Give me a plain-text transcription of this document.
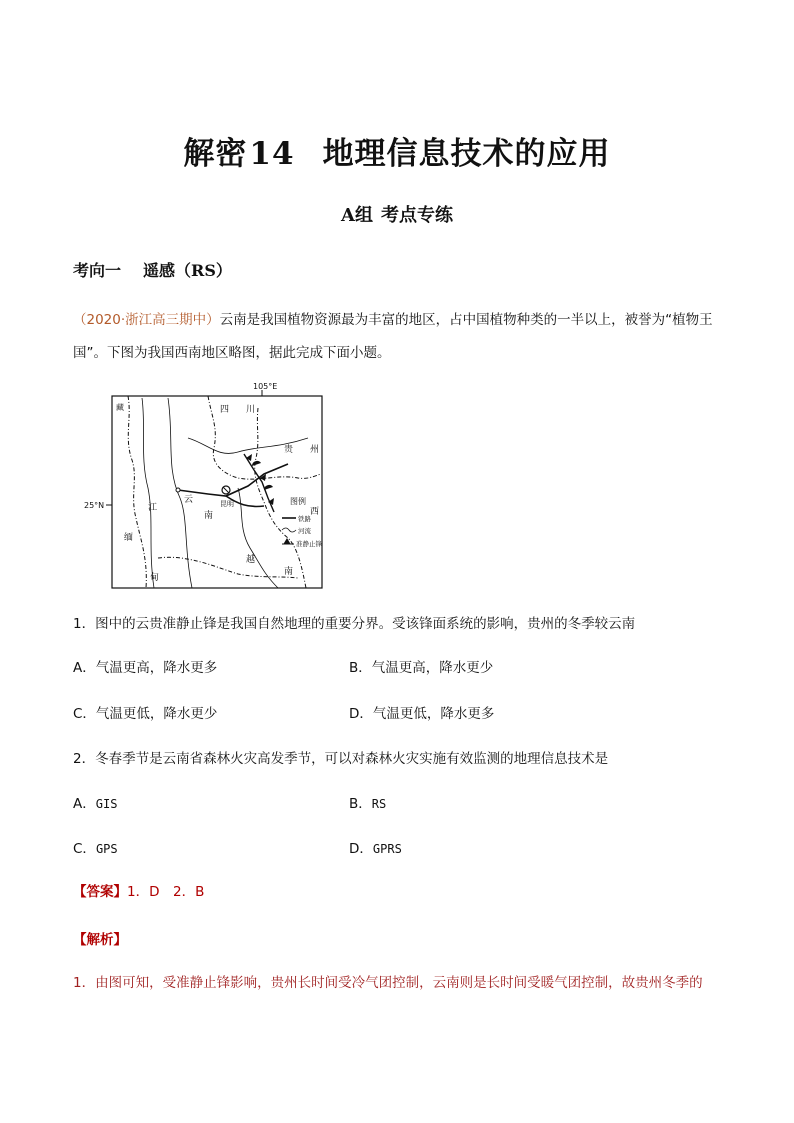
解密14 地理信息技术的应用
A组 考点专练
考向一 遥感（RS）
（2020·浙江高三期中）云南是我国植物资源最为丰富的地区，占中国植物种类的一半以上，被誉为“植物王国”。下图为我国西南地区略图，据此完成下面小题。
105°E
25°N
藏	四 川
贵 州
云
南
昆明
江
缅
甸
越
南
西
图例
铁路
河流
准静止锋
1．图中的云贵准静止锋是我国自然地理的重要分界。受该锋面系统的影响，贵州的冬季较云南
A．气温更高，降水更多	B．气温更高，降水更少
C．气温更低，降水更少	D．气温更低，降水更多
2．冬春季节是云南省森林火灾高发季节，可以对森林火灾实施有效监测的地理信息技术是
A．GIS	B．RS
C．GPS	D．GPRS
【答案】1．D　2．B
【解析】
1．由图可知，受准静止锋影响，贵州长时间受冷气团控制，云南则是长时间受暖气团控制，故贵州冬季的
